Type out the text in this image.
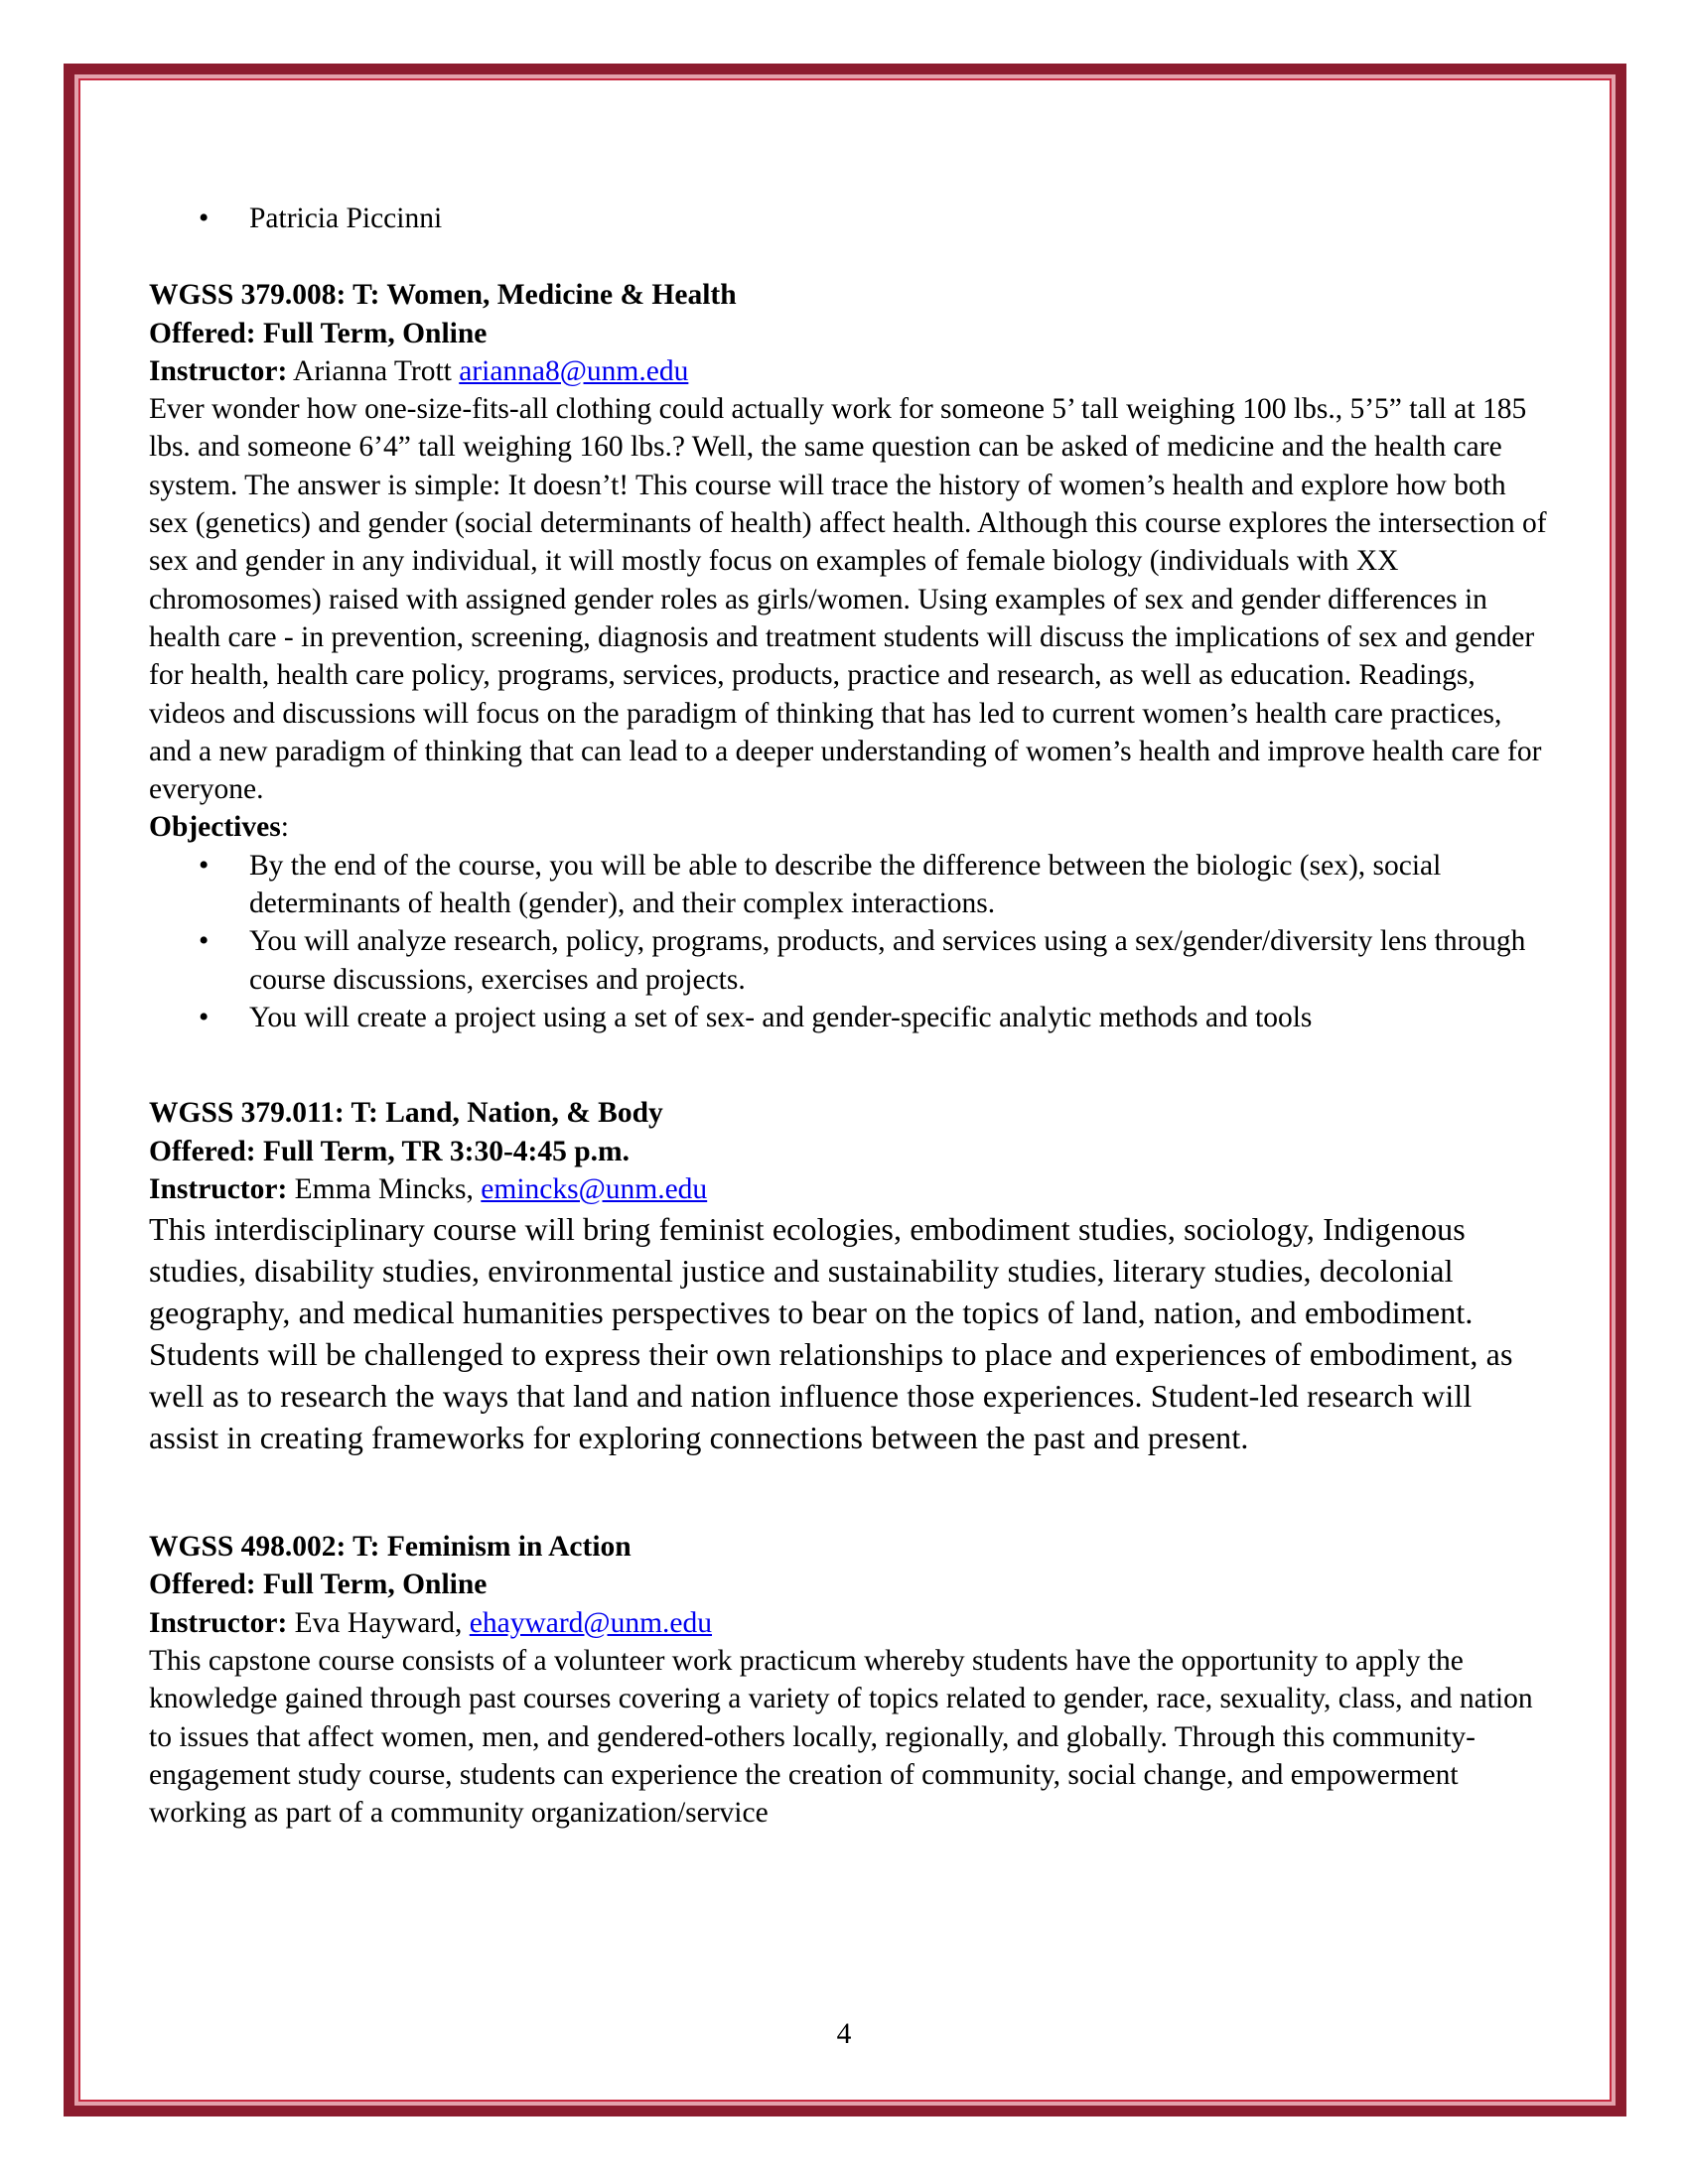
• Patricia Piccinni

WGSS 379.008: T: Women, Medicine & Health

Offered: Full Term, Online

Instructor: Arianna Trott arianna8@unm.edu

Ever wonder how one-size-fits-all clothing could actually work for someone 5’ tall weighing 100 lbs., 5’5” tall at 185 lbs. and someone 6’4” tall weighing 160 lbs.? Well, the same question can be asked of medicine and the health care system. The answer is simple: It doesn’t! This course will trace the history of women’s health and explore how both sex (genetics) and gender (social determinants of health) affect health. Although this course explores the intersection of sex and gender in any individual, it will mostly focus on examples of female biology (individuals with XX chromosomes) raised with assigned gender roles as girls/women. Using examples of sex and gender differences in health care - in prevention, screening, diagnosis and treatment students will discuss the implications of sex and gender for health, health care policy, programs, services, products, practice and research, as well as education. Readings, videos and discussions will focus on the paradigm of thinking that has led to current women’s health care practices, and a new paradigm of thinking that can lead to a deeper understanding of women’s health and improve health care for everyone.

Objectives:

• By the end of the course, you will be able to describe the difference between the biologic (sex), social determinants of health (gender), and their complex interactions.
• You will analyze research, policy, programs, products, and services using a sex/gender/diversity lens through course discussions, exercises and projects.
• You will create a project using a set of sex- and gender-specific analytic methods and tools

WGSS 379.011: T: Land, Nation, & Body

Offered: Full Term, TR 3:30-4:45 p.m.

Instructor: Emma Mincks, emincks@unm.edu

This interdisciplinary course will bring feminist ecologies, embodiment studies, sociology, Indigenous studies, disability studies, environmental justice and sustainability studies, literary studies, decolonial geography, and medical humanities perspectives to bear on the topics of land, nation, and embodiment.

Students will be challenged to express their own relationships to place and experiences of embodiment, as well as to research the ways that land and nation influence those experiences. Student-led research will assist in creating frameworks for exploring connections between the past and present.

WGSS 498.002: T: Feminism in Action

Offered: Full Term, Online

Instructor: Eva Hayward, ehayward@unm.edu

This capstone course consists of a volunteer work practicum whereby students have the opportunity to apply the knowledge gained through past courses covering a variety of topics related to gender, race, sexuality, class, and nation to issues that affect women, men, and gendered-others locally, regionally, and globally. Through this community-engagement study course, students can experience the creation of community, social change, and empowerment working as part of a community organization/service

4
